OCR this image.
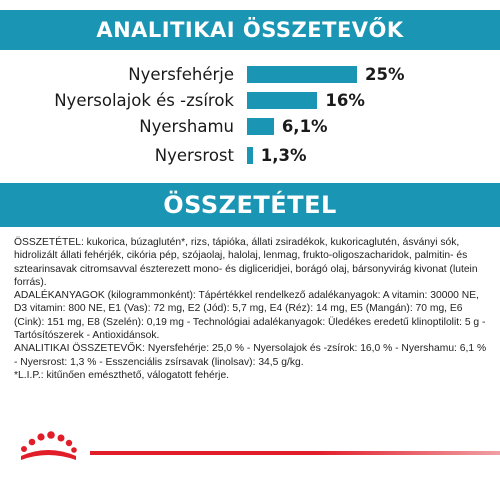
ANALITIKAI ÖSSZETEVŐK
Nyersfehérje	25%
Nyersolajok és -zsírok	16%
Nyershamu	6,1%
Nyersrost 1,3%
ÖSSZETÉTEL

ÖSSZETÉTEL: kukorica, búzaglutén*, rizs, tápióka, állati zsiradékok, kukoricaglutén, ásványi sók, hidrolizált állati fehérjék, cikória pép, szójaolaj, halolaj, lenmag, frukto-oligoszacharidok, palmitin- és sztearinsavak citromsavval észterezett mono- és digliceridjei, borágó olaj, bársonyvirág kivonat (lutein forrás).

ADALÉKANYAGOK (kilogrammonként): Tápértékkel rendelkező adalékanyagok: A vitamin: 30000 NE, D3 vitamin: 800 NE, E1 (Vas): 72 mg, E2 (Jód): 5,7 mg, E4 (Réz): 14 mg, E5 (Mangán): 70 mg, E6 (Cink): 151 mg, E8 (Szelén): 0,19 mg - Technológiai adalékanyagok: Üledékes eredetű klinoptilolit: 5 g - Tartósítószerek - Antioxidánsok.

ANALITIKAI ÖSSZETEVŐK: Nyersfehérje: 25,0 % - Nyersolajok és -zsírok: 16,0 % - Nyershamu: 6,1 % - Nyersrost: 1,3 % - Esszenciális zsírsavak (linolsav): 34,5 g/kg.

*L.I.P.: kitűnően emészthető, válogatott fehérje.
